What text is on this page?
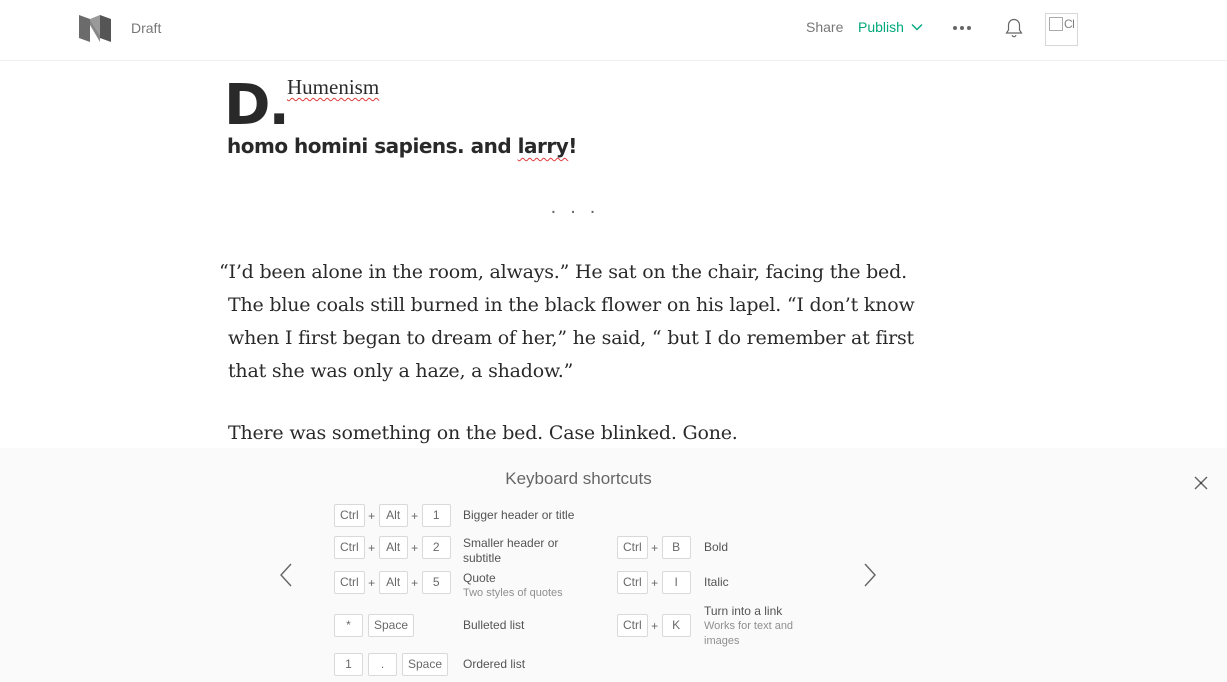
Draft	Share Publish	Cl
D. Humenism
homo homini sapiens. and larry!
...

“I’d been alone in the room, always.” He sat on the chair, facing the bed. The blue coals still burned in the black flower on his lapel. “I don’t know when I first began to dream of her,” he said, “ but I do remember at first that she was only a haze, a shadow.”

There was something on the bed. Case blinked. Gone.

Keyboard shortcuts
Ctrl + Alt +	1	Bigger header or title
Ctrl + Alt +	2	Smaller header or subtitle
Ctrl + Alt +	5	Quote
Two styles of quotes
*	Space	Bulleted list
1	.	Space	Ordered list
Ctrl +	B	Bold
Ctrl +	I	Italic
Ctrl +	K
Turn into a link
Works for text and images
